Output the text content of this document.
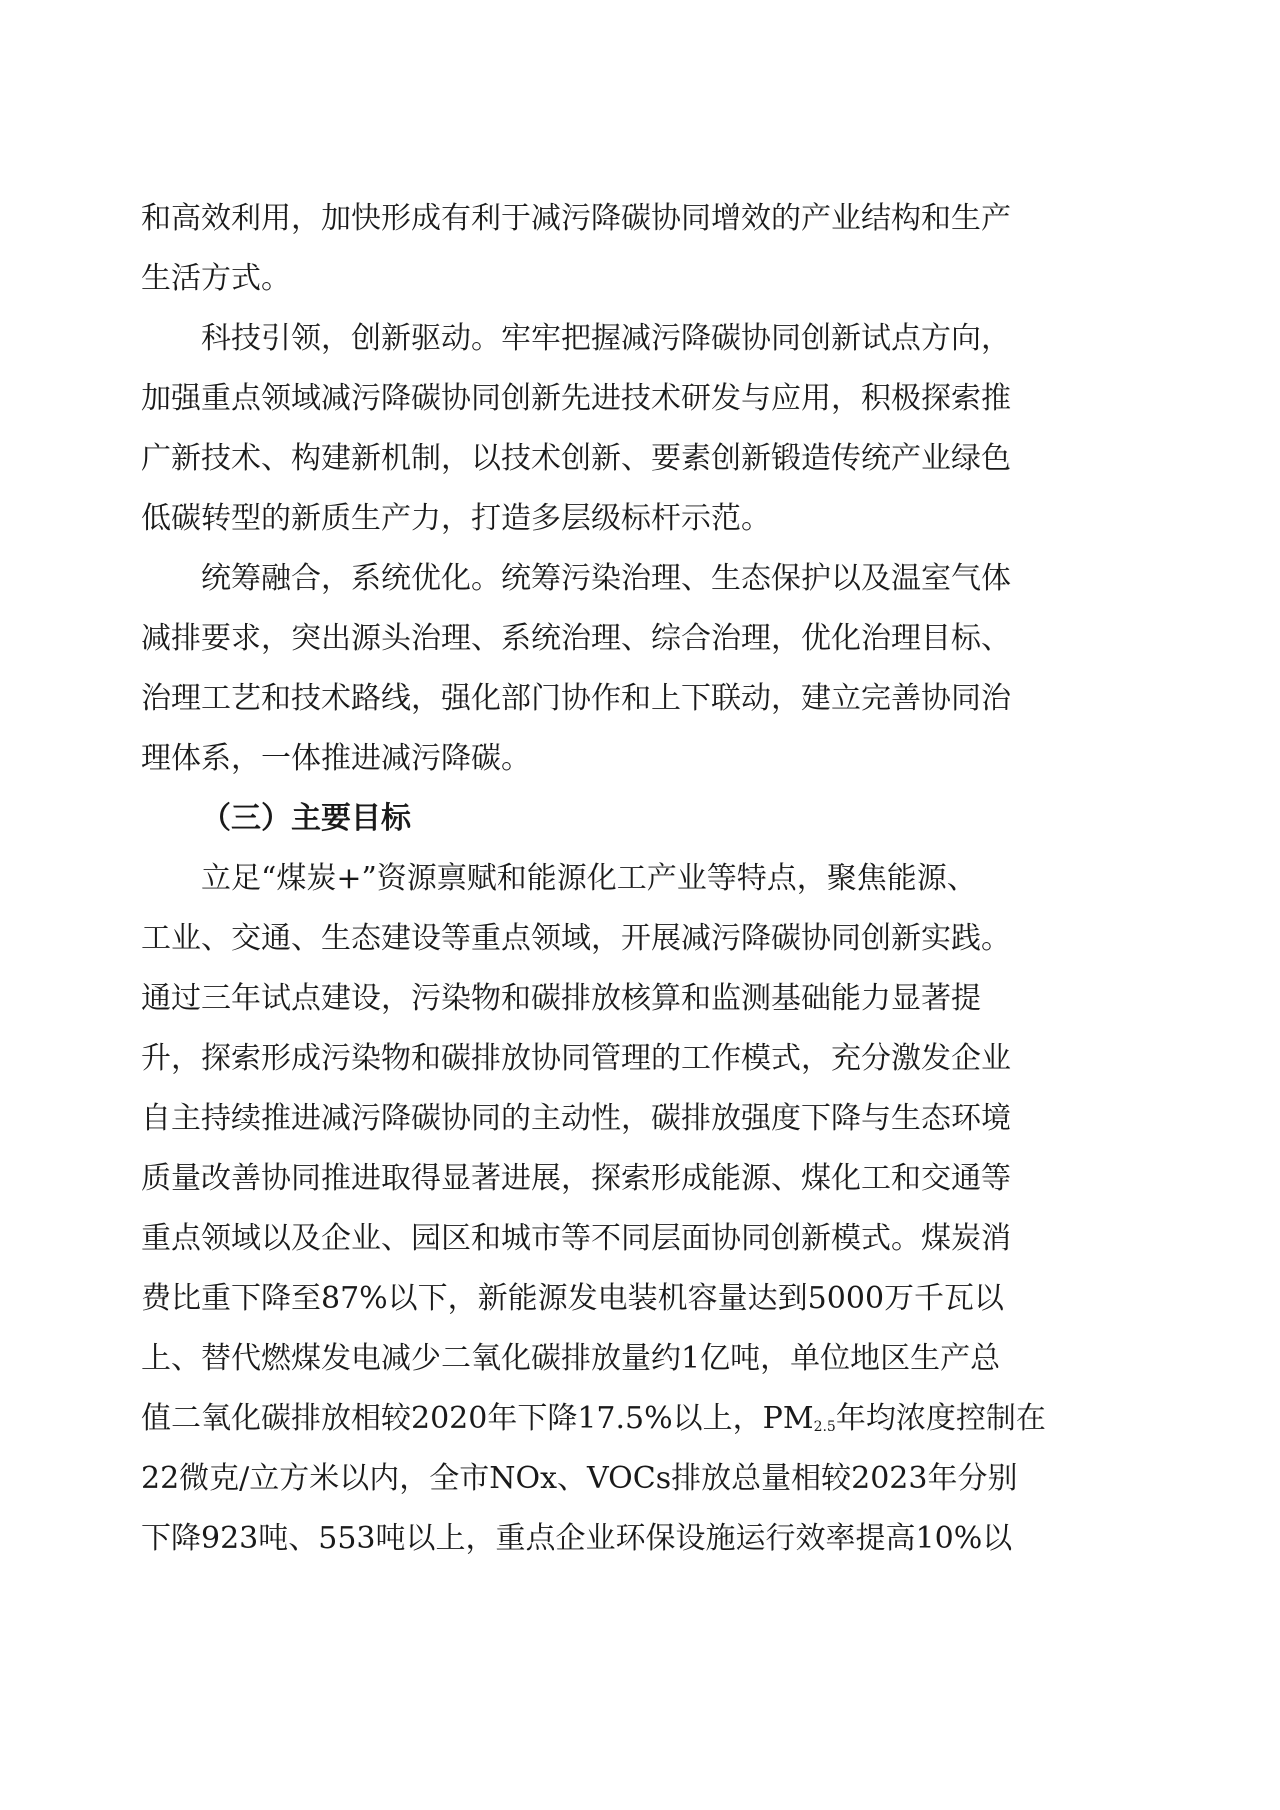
和高效利用，加快形成有利于减污降碳协同增效的产业结构和生产
生活方式。
科技引领，创新驱动。牢牢把握减污降碳协同创新试点方向，
加强重点领域减污降碳协同创新先进技术研发与应用，积极探索推
广新技术、构建新机制，以技术创新、要素创新锻造传统产业绿色
低碳转型的新质生产力，打造多层级标杆示范。
统筹融合，系统优化。统筹污染治理、生态保护以及温室气体
减排要求，突出源头治理、系统治理、综合治理，优化治理目标、
治理工艺和技术路线，强化部门协作和上下联动，建立完善协同治
理体系，一体推进减污降碳。
（三）主要目标
立足“煤炭+”资源禀赋和能源化工产业等特点，聚焦能源、
工业、交通、生态建设等重点领域，开展减污降碳协同创新实践。
通过三年试点建设，污染物和碳排放核算和监测基础能力显著提
升，探索形成污染物和碳排放协同管理的工作模式，充分激发企业
自主持续推进减污降碳协同的主动性，碳排放强度下降与生态环境
质量改善协同推进取得显著进展，探索形成能源、煤化工和交通等
重点领域以及企业、园区和城市等不同层面协同创新模式。煤炭消
费比重下降至87%以下，新能源发电装机容量达到5000万千瓦以
上、替代燃煤发电减少二氧化碳排放量约1亿吨，单位地区生产总
值二氧化碳排放相较2020年下降17.5%以上，$PM_{2.5}$年均浓度控制在
22微克/立方米以内，全市NOx、VOCs排放总量相较2023年分别
下降923吨、553吨以上，重点企业环保设施运行效率提高10%以
